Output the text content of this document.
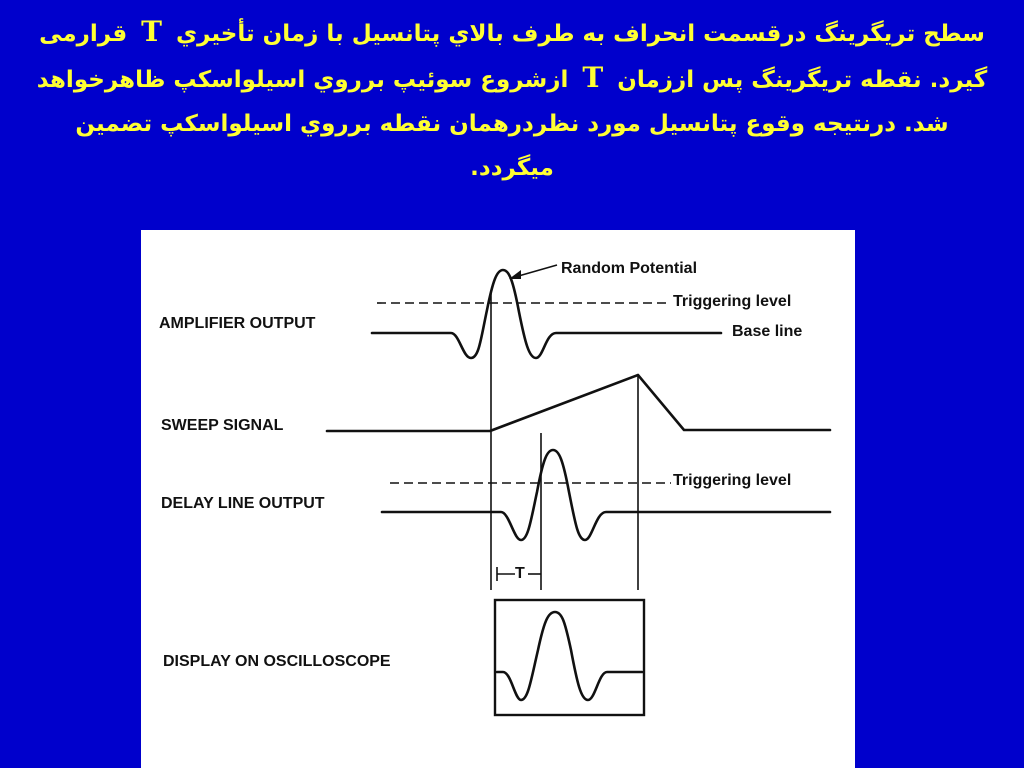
سطح تريگرينگ درقسمت انحراف به طرف بالاي پتانسيل با زمان تأخيري T قرارمی
گيرد. نقطه تريگرينگ پس اززمان T ازشروع سوئيپ برروي اسيلواسکپ ظاهرخواهد
شد. درنتيجه وقوع پتانسيل مورد نظردرهمان نقطه برروي اسيلواسکپ تضمين
ميگردد.
Random Potential
Triggering level
Base line
AMPLIFIER OUTPUT
SWEEP SIGNAL
Triggering level
DELAY LINE OUTPUT
T
DISPLAY ON OSCILLOSCOPE
